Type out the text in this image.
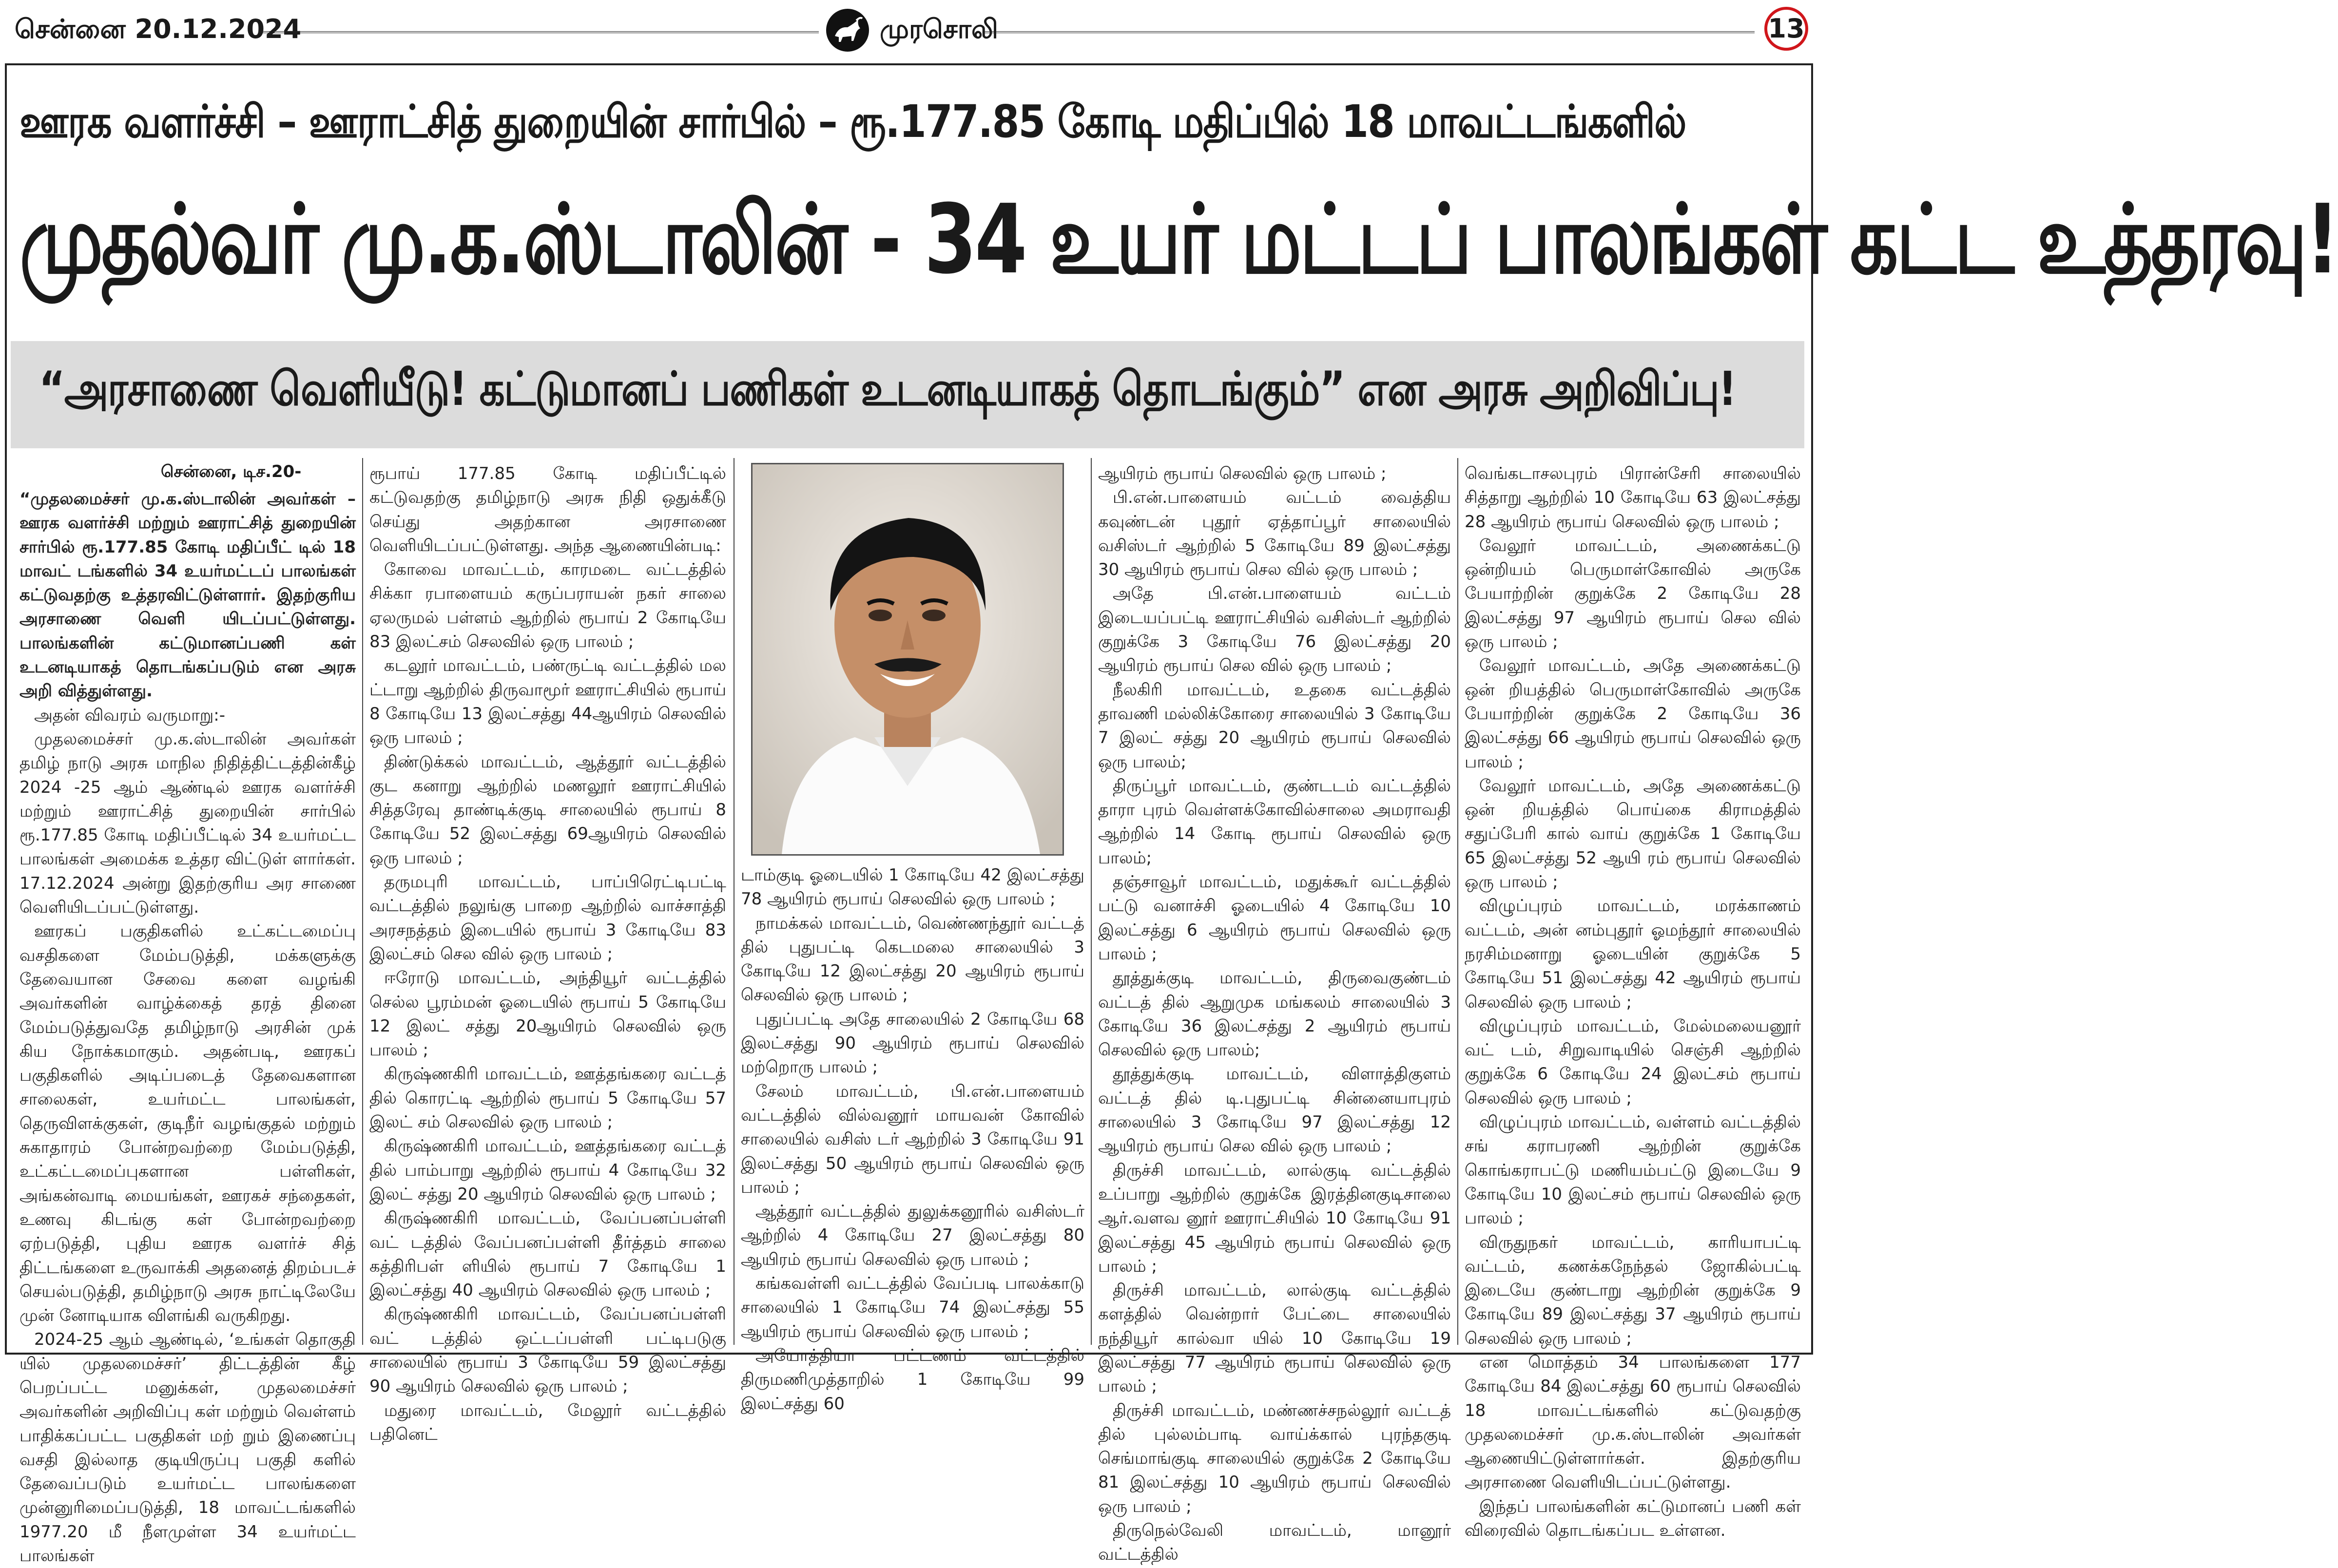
சென்னை 20.12.2024	முரசொலி	13
ஊரக வளர்ச்சி – ஊராட்சித் துறையின் சார்பில் – ரூ.177.85 கோடி மதிப்பில் 18 மாவட்டங்களில்
முதல்வர் மு.க.ஸ்டாலின் - 34 உயர் மட்டப் பாலங்கள் கட்ட உத்தரவு!
“அரசாணை வெளியீடு! கட்டுமானப் பணிகள் உடனடியாகத் தொடங்கும்” என அரசு அறிவிப்பு!
சென்னை, டிச.20-

“முதலமைச்சர் மு.க.ஸ்டாலின் அவர்கள் – ஊரக வளர்ச்சி மற்றும் ஊராட்சித் துறையின் சார்பில் ரூ.177.85 கோடி மதிப்பீட் டில் 18 மாவட் டங்களில் 34 உயர்மட்டப் பாலங்கள் கட்டுவதற்கு உத்தரவிட்டுள்ளார். இதற்குரிய அரசாணை வெளி யிடப்பட்டுள்ளது. பாலங்களின் கட்டுமானப்பணி கள் உடனடியாகத் தொடங்கப்படும் என அரசு அறி வித்துள்ளது.

அதன் விவரம் வருமாறு:-

முதலமைச்சர் மு.க.ஸ்டாலின் அவர்கள் தமிழ் நாடு அரசு மாநில நிதித்திட்டத்தின்கீழ் 2024 -25 ஆம் ஆண்டில் ஊரக வளர்ச்சி மற்றும் ஊராட்சித் துறையின் சார்பில் ரூ.177.85 கோடி மதிப்பீட்டில் 34 உயர்மட்ட பாலங்கள் அமைக்க உத்தர விட்டுள் ளார்கள். 17.12.2024 அன்று இதற்குரிய அர சாணை வெளியிடப்பட்டுள்ளது.

ஊரகப் பகுதிகளில் உட்கட்டமைப்பு வசதிகளை மேம்படுத்தி, மக்களுக்கு தேவையான சேவை களை வழங்கி அவர்களின் வாழ்க்கைத் தரத் தினை மேம்படுத்துவதே தமிழ்நாடு அரசின் முக் கிய நோக்கமாகும். அதன்படி, ஊரகப் பகுதிகளில் அடிப்படைத் தேவைகளான சாலைகள், உயர்மட்ட பாலங்கள், தெருவிளக்குகள், குடிநீர் வழங்குதல் மற்றும் சுகாதாரம் போன்றவற்றை மேம்படுத்தி, உட்கட்டமைப்புகளான பள்ளிகள், அங்கன்வாடி மையங்கள், ஊரகச் சந்தைகள், உணவு கிடங்கு கள் போன்றவற்றை ஏற்படுத்தி, புதிய ஊரக வளர்ச் சித் திட்டங்களை உருவாக்கி அதனைத் திறம்படச் செயல்படுத்தி, தமிழ்நாடு அரசு நாட்டிலேயே முன் னோடியாக விளங்கி வருகிறது.

2024-25 ஆம் ஆண்டில், ‘உங்கள் தொகுதி யில் முதலமைச்சர்’ திட்டத்தின் கீழ் பெறப்பட்ட மனுக்கள், முதலமைச்சர் அவர்களின் அறிவிப்பு கள் மற்றும் வெள்ளம் பாதிக்கப்பட்ட பகுதிகள் மற் றும் இணைப்பு வசதி இல்லாத குடியிருப்பு பகுதி களில் தேவைப்படும் உயர்மட்ட பாலங்களை முன்னுரிமைப்படுத்தி, 18 மாவட்டங்களில் 1977.20 மீ நீளமுள்ள 34 உயர்மட்ட பாலங்கள்

ரூபாய் 177.85 கோடி மதிப்பீட்டில் கட்டுவதற்கு தமிழ்நாடு அரசு நிதி ஒதுக்கீடு செய்து அதற்கான அரசாணை வெளியிடப்பட்டுள்ளது. அந்த ஆணையின்படி:

கோவை மாவட்டம், காரமடை வட்டத்தில் சிக்கா ரபாளையம் கருப்பராயன் நகர் சாலை ஏலருமல் பள்ளம் ஆற்றில் ரூபாய் 2 கோடியே 83 இலட்சம் செலவில் ஒரு பாலம் ;

கடலூர் மாவட்டம், பண்ருட்டி வட்டத்தில் மல ட்டாறு ஆற்றில் திருவாமூர் ஊராட்சியில் ரூபாய் 8 கோடியே 13 இலட்சத்து 44ஆயிரம் செலவில் ஒரு பாலம் ;

திண்டுக்கல் மாவட்டம், ஆத்தூர் வட்டத்தில் குட கனாறு ஆற்றில் மணலூர் ஊராட்சியில் சித்தரேவு தாண்டிக்குடி சாலையில் ரூபாய் 8 கோடியே 52 இலட்சத்து 69ஆயிரம் செலவில் ஒரு பாலம் ;

தருமபுரி மாவட்டம், பாப்பிரெட்டிபட்டி வட்டத்தில் நலுங்கு பாறை ஆற்றில் வாச்சாத்தி அரசநத்தம் இடையில் ரூபாய் 3 கோடியே 83 இலட்சம் செல வில் ஒரு பாலம் ;

ஈரோடு மாவட்டம், அந்தியூர் வட்டத்தில் செல்ல பூரம்மன் ஓடையில் ரூபாய் 5 கோடியே 12 இலட் சத்து 20ஆயிரம் செலவில் ஒரு பாலம் ;

கிருஷ்ணகிரி மாவட்டம், ஊத்தங்கரை வட்டத் தில் கொரட்டி ஆற்றில் ரூபாய் 5 கோடியே 57 இலட் சம் செலவில் ஒரு பாலம் ;

கிருஷ்ணகிரி மாவட்டம், ஊத்தங்கரை வட்டத் தில் பாம்பாறு ஆற்றில் ரூபாய் 4 கோடியே 32 இலட் சத்து 20 ஆயிரம் செலவில் ஒரு பாலம் ;

கிருஷ்ணகிரி மாவட்டம், வேப்பனப்பள்ளி வட் டத்தில் வேப்பனப்பள்ளி தீர்த்தம் சாலை கத்திரிபள் ளியில் ரூபாய் 7 கோடியே 1 இலட்சத்து 40 ஆயிரம் செலவில் ஒரு பாலம் ;

கிருஷ்ணகிரி மாவட்டம், வேப்பனப்பள்ளி வட் டத்தில் ஒட்டப்பள்ளி பட்டிபடுகு சாலையில் ரூபாய் 3 கோடியே 59 இலட்சத்து 90 ஆயிரம் செலவில் ஒரு பாலம் ;

மதுரை மாவட்டம், மேலூர் வட்டத்தில் பதினெட்

டாம்குடி ஓடையில் 1 கோடியே 42 இலட்சத்து 78 ஆயிரம் ரூபாய் செலவில் ஒரு பாலம் ;

நாமக்கல் மாவட்டம், வெண்ணந்தூர் வட்டத் தில் புதுபட்டி கெடமலை சாலையில் 3 கோடியே 12 இலட்சத்து 20 ஆயிரம் ரூபாய் செலவில் ஒரு பாலம் ;

புதுப்பட்டி அதே சாலையில் 2 கோடியே 68 இலட்சத்து 90 ஆயிரம் ரூபாய் செலவில் மற்றொரு பாலம் ;

சேலம் மாவட்டம், பி.என்.பாளையம் வட்டத்தில் வில்வனூர் மாயவன் கோவில் சாலையில் வசிஸ் டர் ஆற்றில் 3 கோடியே 91 இலட்சத்து 50 ஆயிரம் ரூபாய் செலவில் ஒரு பாலம் ;

ஆத்தூர் வட்டத்தில் துலுக்கனூரில் வசிஸ்டர் ஆற்றில் 4 கோடியே 27 இலட்சத்து 80 ஆயிரம் ரூபாய் செலவில் ஒரு பாலம் ;

கங்கவள்ளி வட்டத்தில் வேப்படி பாலக்காடு சாலையில் 1 கோடியே 74 இலட்சத்து 55 ஆயிரம் ரூபாய் செலவில் ஒரு பாலம் ;

அயோத்தியா பட்டணம் வட்டத்தில் திருமணிமுத்தாறில் 1 கோடியே 99 இலட்சத்து 60

ஆயிரம் ரூபாய் செலவில் ஒரு பாலம் ;

பி.என்.பாளையம் வட்டம் வைத்திய கவுண்டன் புதூர் ஏத்தாப்பூர் சாலையில் வசிஸ்டர் ஆற்றில் 5 கோடியே 89 இலட்சத்து 30 ஆயிரம் ரூபாய் செல வில் ஒரு பாலம் ;

அதே பி.என்.பாளையம் வட்டம் இடையப்பட்டி ஊராட்சியில் வசிஸ்டர் ஆற்றில் குறுக்கே 3 கோடியே 76 இலட்சத்து 20 ஆயிரம் ரூபாய் செல வில் ஒரு பாலம் ;

நீலகிரி மாவட்டம், உதகை வட்டத்தில் தாவணி மல்லிக்கோரை சாலையில் 3 கோடியே 7 இலட் சத்து 20 ஆயிரம் ரூபாய் செலவில் ஒரு பாலம்;

திருப்பூர் மாவட்டம், குண்டடம் வட்டத்தில் தாரா புரம் வெள்ளக்கோவில்சாலை அமராவதி ஆற்றில் 14 கோடி ரூபாய் செலவில் ஒரு பாலம்;

தஞ்சாவூர் மாவட்டம், மதுக்கூர் வட்டத்தில் பட்டு வனாச்சி ஓடையில் 4 கோடியே 10 இலட்சத்து 6 ஆயிரம் ரூபாய் செலவில் ஒரு பாலம் ;

தூத்துக்குடி மாவட்டம், திருவைகுண்டம் வட்டத் தில் ஆறுமுக மங்கலம் சாலையில் 3 கோடியே 36 இலட்சத்து 2 ஆயிரம் ரூபாய் செலவில் ஒரு பாலம்;

தூத்துக்குடி மாவட்டம், விளாத்திகுளம் வட்டத் தில் டி.புதுபட்டி சின்னையாபுரம் சாலையில் 3 கோடியே 97 இலட்சத்து 12 ஆயிரம் ரூபாய் செல வில் ஒரு பாலம் ;

திருச்சி மாவட்டம், லால்குடி வட்டத்தில் உப்பாறு ஆற்றில் குறுக்கே இரத்தினகுடிசாலை ஆர்.வளவ னூர் ஊராட்சியில் 10 கோடியே 91 இலட்சத்து 45 ஆயிரம் ரூபாய் செலவில் ஒரு பாலம் ;

திருச்சி மாவட்டம், லால்குடி வட்டத்தில் களத்தில் வென்றார் பேட்டை சாலையில் நந்தியூர் கால்வா யில் 10 கோடியே 19 இலட்சத்து 77 ஆயிரம் ரூபாய் செலவில் ஒரு பாலம் ;

திருச்சி மாவட்டம், மண்ணச்சநல்லூர் வட்டத் தில் புல்லம்பாடி வாய்க்கால் புரந்தகுடி செங்மாங்குடி சாலையில் குறுக்கே 2 கோடியே 81 இலட்சத்து 10 ஆயிரம் ரூபாய் செலவில் ஒரு பாலம் ;

திருநெல்வேலி மாவட்டம், மானூர் வட்டத்தில்

வெங்கடாசலபுரம் பிரான்சேரி சாலையில் சித்தாறு ஆற்றில் 10 கோடியே 63 இலட்சத்து 28 ஆயிரம் ரூபாய் செலவில் ஒரு பாலம் ;

வேலூர் மாவட்டம், அணைக்கட்டு ஒன்றியம் பெருமாள்கோவில் அருகே பேயாற்றின் குறுக்கே 2 கோடியே 28 இலட்சத்து 97 ஆயிரம் ரூபாய் செல வில் ஒரு பாலம் ;

வேலூர் மாவட்டம், அதே அணைக்கட்டு ஒன் றியத்தில் பெருமாள்கோவில் அருகே பேயாற்றின் குறுக்கே 2 கோடியே 36 இலட்சத்து 66 ஆயிரம் ரூபாய் செலவில் ஒரு பாலம் ;

வேலூர் மாவட்டம், அதே அணைக்கட்டு ஒன் றியத்தில் பொய்கை கிராமத்தில் சதுப்பேரி கால் வாய் குறுக்கே 1 கோடியே 65 இலட்சத்து 52 ஆயி ரம் ரூபாய் செலவில் ஒரு பாலம் ;

விழுப்புரம் மாவட்டம், மரக்காணம் வட்டம், அன் னம்புதூர் ஓமந்தூர் சாலையில் நரசிம்மனாறு ஓடையின் குறுக்கே 5 கோடியே 51 இலட்சத்து 42 ஆயிரம் ரூபாய் செலவில் ஒரு பாலம் ;

விழுப்புரம் மாவட்டம், மேல்மலையனூர் வட் டம், சிறுவாடியில் செஞ்சி ஆற்றில் குறுக்கே 6 கோடியே 24 இலட்சம் ரூபாய் செலவில் ஒரு பாலம் ;

விழுப்புரம் மாவட்டம், வள்ளம் வட்டத்தில் சங் கராபரணி ஆற்றின் குறுக்கே கொங்கராபட்டு மணியம்பட்டு இடையே 9 கோடியே 10 இலட்சம் ரூபாய் செலவில் ஒரு பாலம் ;

விருதுநகர் மாவட்டம், காரியாபட்டி வட்டம், கணக்கநேந்தல் ஜோகில்பட்டி இடையே குண்டாறு ஆற்றின் குறுக்கே 9 கோடியே 89 இலட்சத்து 37 ஆயிரம் ரூபாய் செலவில் ஒரு பாலம் ;

என மொத்தம் 34 பாலங்களை 177 கோடியே 84 இலட்சத்து 60 ரூபாய் செலவில் 18 மாவட்டங்களில் கட்டுவதற்கு முதலமைச்சர் மு.க.ஸ்டாலின் அவர்கள் ஆணையிட்டுள்ளார்கள். இதற்குரிய அரசாணை வெளியிடப்பட்டுள்ளது.

இந்தப் பாலங்களின் கட்டுமானப் பணி கள் விரைவில் தொடங்கப்பட உள்ளன.
